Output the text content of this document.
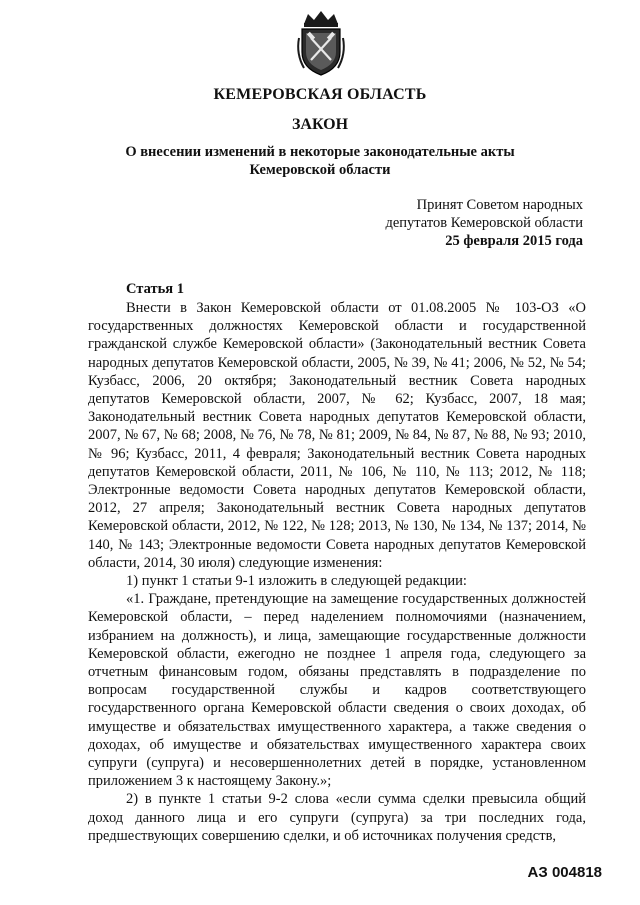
КЕМЕРОВСКАЯ ОБЛАСТЬ
ЗАКОН
О внесении изменений в некоторые законодательные акты
Кемеровской области
Принят Советом народных
депутатов Кемеровской области
25 февраля 2015 года
Статья 1

Внести в Закон Кемеровской области от 01.08.2005 № 103-ОЗ «О государственных должностях Кемеровской области и государственной гражданской службе Кемеровской области» (Законодательный вестник Совета народных депутатов Кемеровской области, 2005, № 39, № 41; 2006, № 52, № 54; Кузбасс, 2006, 20 октября; Законодательный вестник Совета народных депутатов Кемеровской области, 2007, № 62; Кузбасс, 2007, 18 мая; Законодательный вестник Совета народных депутатов Кемеровской области, 2007, № 67, № 68; 2008, № 76, № 78, № 81; 2009, № 84, № 87, № 88, № 93; 2010, № 96; Кузбасс, 2011, 4 февраля; Законодательный вестник Совета народных депутатов Кемеровской области, 2011, № 106, № 110, № 113; 2012, № 118; Электронные ведомости Совета народных депутатов Кемеровской области, 2012, 27 апреля; Законодательный вестник Совета народных депутатов Кемеровской области, 2012, № 122, № 128; 2013, № 130, № 134, № 137; 2014, № 140, № 143; Электронные ведомости Совета народных депутатов Кемеровской области, 2014, 30 июля) следующие изменения:

1) пункт 1 статьи 9-1 изложить в следующей редакции:

«1. Граждане, претендующие на замещение государственных должностей Кемеровской области, – перед наделением полномочиями (назначением, избранием на должность), и лица, замещающие государственные должности Кемеровской области, ежегодно не позднее 1 апреля года, следующего за отчетным финансовым годом, обязаны представлять в подразделение по вопросам государственной службы и кадров соответствующего государственного органа Кемеровской области сведения о своих доходах, об имуществе и обязательствах имущественного характера, а также сведения о доходах, об имуществе и обязательствах имущественного характера своих супруги (супруга) и несовершеннолетних детей в порядке, установленном приложением 3 к настоящему Закону.»;

2) в пункте 1 статьи 9-2 слова «если сумма сделки превысила общий доход данного лица и его супруги (супруга) за три последних года, предшествующих совершению сделки, и об источниках получения средств,

АЗ 004818
